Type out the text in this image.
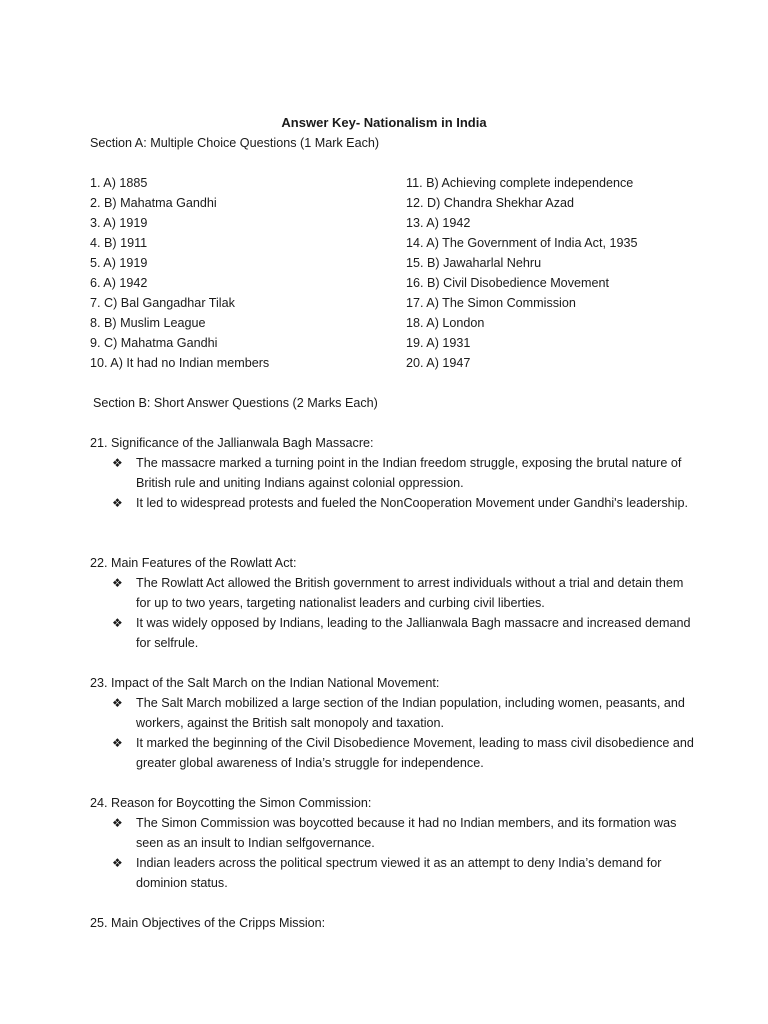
Answer Key- Nationalism in India
Section A: Multiple Choice Questions (1 Mark Each)
1. A) 1885
2. B) Mahatma Gandhi
3. A) 1919
4. B) 1911
5. A) 1919
6. A) 1942
7. C) Bal Gangadhar Tilak
8. B) Muslim League
9. C) Mahatma Gandhi
10. A) It had no Indian members
11. B) Achieving complete independence
12. D) Chandra Shekhar Azad
13. A) 1942
14. A) The Government of India Act, 1935
15. B) Jawaharlal Nehru
16. B) Civil Disobedience Movement
17. A) The Simon Commission
18. A) London
19. A) 1931
20. A) 1947
Section B: Short Answer Questions (2 Marks Each)
21. Significance of the Jallianwala Bagh Massacre:
❖ The massacre marked a turning point in the Indian freedom struggle, exposing the brutal nature of British rule and uniting Indians against colonial oppression.
❖ It led to widespread protests and fueled the NonCooperation Movement under Gandhi's leadership.
22. Main Features of the Rowlatt Act:
❖ The Rowlatt Act allowed the British government to arrest individuals without a trial and detain them for up to two years, targeting nationalist leaders and curbing civil liberties.
❖ It was widely opposed by Indians, leading to the Jallianwala Bagh massacre and increased demand for selfrule.
23. Impact of the Salt March on the Indian National Movement:
❖ The Salt March mobilized a large section of the Indian population, including women, peasants, and workers, against the British salt monopoly and taxation.
❖ It marked the beginning of the Civil Disobedience Movement, leading to mass civil disobedience and greater global awareness of India’s struggle for independence.
24. Reason for Boycotting the Simon Commission:
❖ The Simon Commission was boycotted because it had no Indian members, and its formation was seen as an insult to Indian selfgovernance.
❖ Indian leaders across the political spectrum viewed it as an attempt to deny India’s demand for dominion status.
25. Main Objectives of the Cripps Mission:
